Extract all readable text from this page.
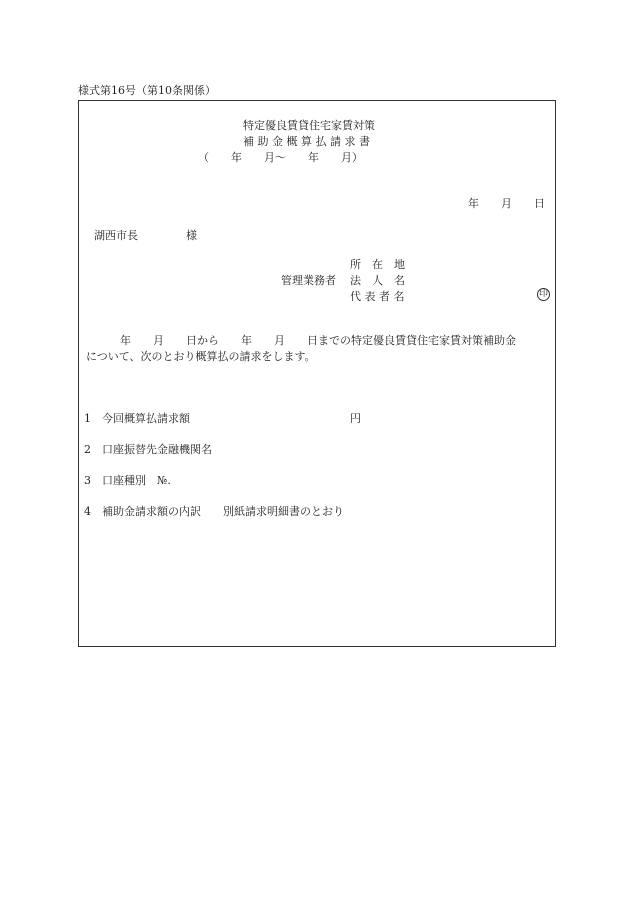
様式第16号（第10条関係）
特定優良賃貸住宅家賃対策
補 助 金 概 算 払 請 求 書
（　　年　　月～　　年　　月）
年　　月　　日
湖西市長	様
所　在　地
管理業務者 法　人　名
代 表 者 名	印
年　　月　　日から　　年　　月　　日までの特定優良賃貸住宅家賃対策補助金
について、次のとおり概算払の請求をします。
1 今回概算払請求額	円
2 口座振替先金融機関名
3 口座種別　№.
4 補助金請求額の内訳　　別紙請求明細書のとおり
